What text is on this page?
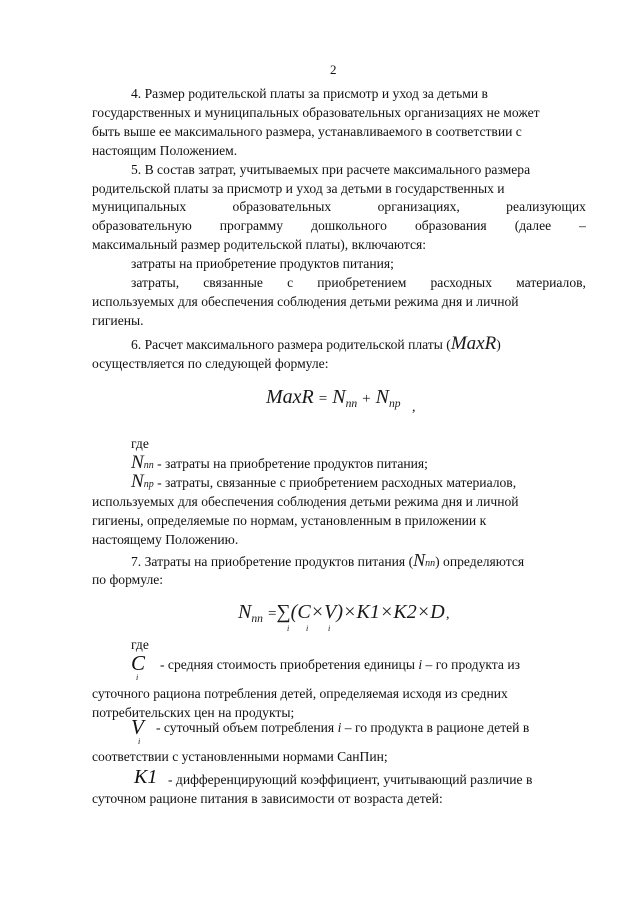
2

4. Размер родительской платы за присмотр и уход за детьми в

государственных и муниципальных образовательных организациях не может

быть выше ее максимального размера, устанавливаемого в соответствии с

настоящим Положением.

5. В состав затрат, учитываемых при расчете максимального размера

родительской платы за присмотр и уход за детьми в государственных и

муниципальных	образовательных	организациях,	реализующих
образовательную программу дошкольного образования (далее –

максимальный размер родительской платы), включаются:

затраты на приобретение продуктов питания;

затраты, связанные с приобретением расходных материалов,

используемых для обеспечения соблюдения детьми режима дня и личной

гигиены.

6. Расчет максимального размера родительской платы (MaxR)

осуществляется по следующей формуле:

MaxR = $N_{пп} + N_{пр}$ ,

где

Nпп - затраты на приобретение продуктов питания;
Nпр - затраты, связанные с приобретением расходных материалов,

используемых для обеспечения соблюдения детьми режима дня и личной

гигиены, определяемые по нормам, установленным в приложении к

настоящему Положению.

7. Затраты на приобретение продуктов питания (Nпп) определяются

по формуле:

$N_{пп} =\sum(C\times V)\times K1\times K2\times D$ ,
i i i

где

C
i

- средняя стоимость приобретения единицы i – го продукта из

суточного рациона потребления детей, определяемая исходя из средних

потребительских цен на продукты;

V
i

- суточный объем потребления i – го продукта в рационе детей в

соответствии с установленными нормами СанПин;

K1 - дифференцирующий коэффициент, учитывающий различие в

суточном рационе питания в зависимости от возраста детей:
